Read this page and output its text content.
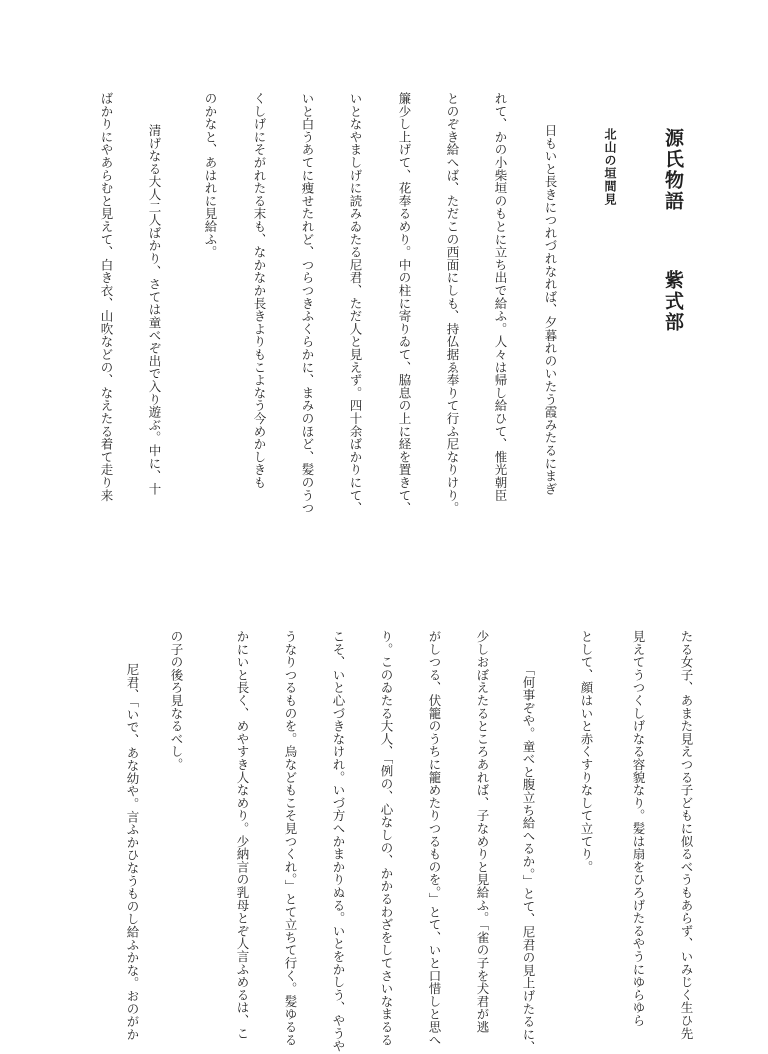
源氏物語
紫式部
北山の垣間見
日もいと長きにつれづれなれば、夕暮れのいたう霞みたるにまぎ
れて、かの小柴垣のもとに立ち出で給ふ。人々は帰し給ひて、惟光朝臣
とのぞき給へば、ただこの西面にしも、持仏据ゑ奉りて行ふ尼なりけり。
簾少し上げて、花奉るめり。中の柱に寄りゐて、脇息の上に経を置きて、
いとなやましげに読みゐたる尼君、ただ人と見えず。四十余ばかりにて、
いと白うあてに痩せたれど、つらつきふくらかに、まみのほど、髪のうつ
くしげにそがれたる末も、なかなか長きよりもこよなう今めかしきも
のかなと、あはれに見給ふ。
清げなる大人二人ばかり、さては童べぞ出で入り遊ぶ。中に、十
ばかりにやあらむと見えて、白き衣、山吹などの、なえたる着て走り来
たる女子、あまた見えつる子どもに似るべうもあらず、いみじく生ひ先
見えてうつくしげなる容貌なり。髪は扇をひろげたるやうにゆらゆら
として、顔はいと赤くすりなして立てり。
「何事ぞや。童べと腹立ち給へるか。」とて、尼君の見上げたるに、
少しおぼえたるところあれば、子なめりと見給ふ。「雀の子を犬君が逃
がしつる、伏籠のうちに籠めたりつるものを。」とて、いと口惜しと思へ
り。このゐたる大人、「例の、心なしの、かかるわざをしてさいなまるる
こそ、いと心づきなけれ。いづ方へかまかりぬる。いとをかしう、やうや
うなりつるものを。烏などもこそ見つくれ。」とて立ちて行く。髪ゆるる
かにいと長く、めやすき人なめり。少納言の乳母とぞ人言ふめるは、こ
の子の後ろ見なるべし。
尼君、「いで、あな幼や。言ふかひなうものし給ふかな。おのがか
